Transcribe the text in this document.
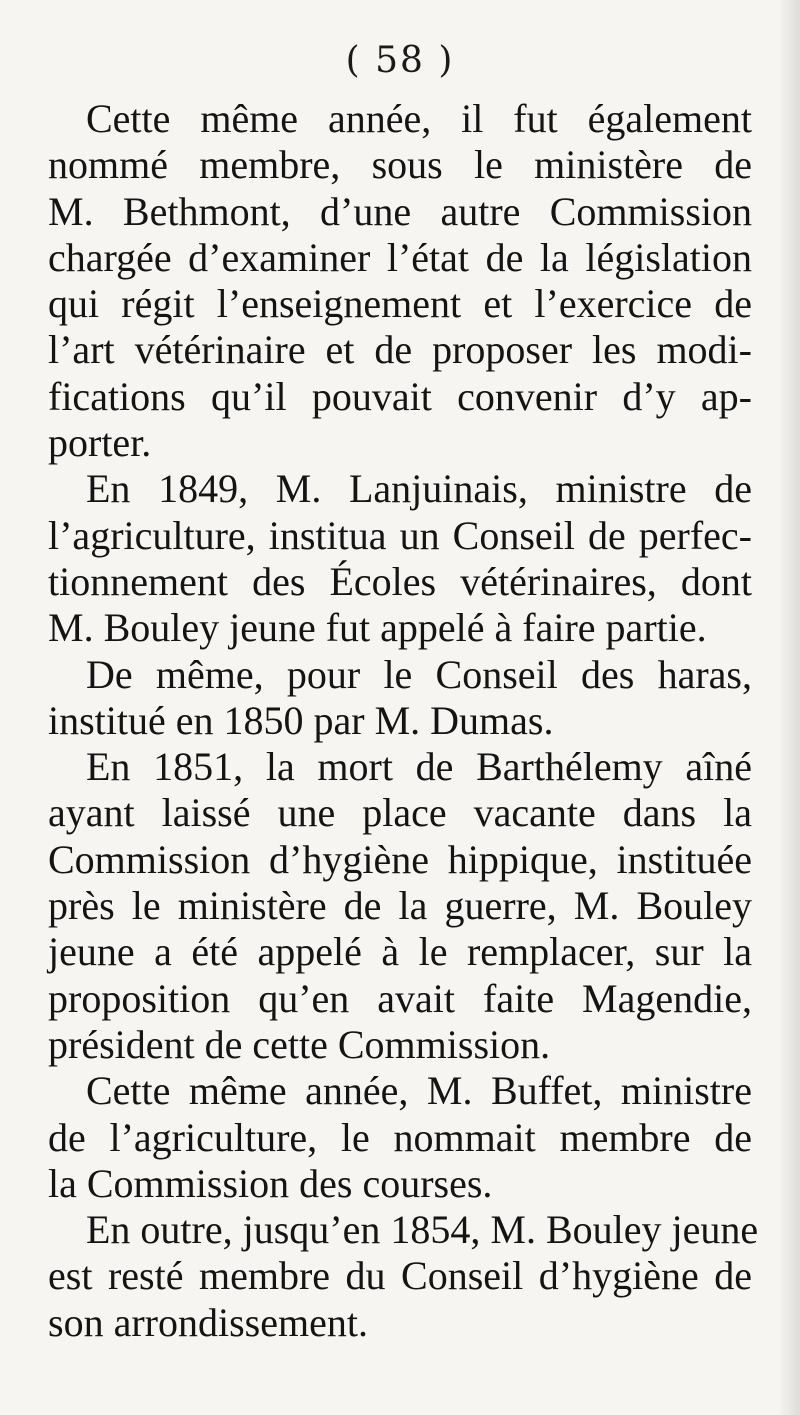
( 58 )
Cette même année, il fut également
nommé membre, sous le ministère de
M. Bethmont, d’une autre Commission
chargée d’examiner l’état de la législation
qui régit l’enseignement et l’exercice de
l’art vétérinaire et de proposer les modi-
fications qu’il pouvait convenir d’y ap-
porter.
En 1849, M. Lanjuinais, ministre de
l’agriculture, institua un Conseil de perfec-
tionnement des Écoles vétérinaires, dont
M. Bouley jeune fut appelé à faire partie.
De même, pour le Conseil des haras,
institué en 1850 par M. Dumas.
En 1851, la mort de Barthélemy aîné
ayant laissé une place vacante dans la
Commission d’hygiène hippique, instituée
près le ministère de la guerre, M. Bouley
jeune a été appelé à le remplacer, sur la
proposition qu’en avait faite Magendie,
président de cette Commission.
Cette même année, M. Buffet, ministre
de l’agriculture, le nommait membre de
la Commission des courses.
En outre, jusqu’en 1854, M. Bouley jeune
est resté membre du Conseil d’hygiène de
son arrondissement.
